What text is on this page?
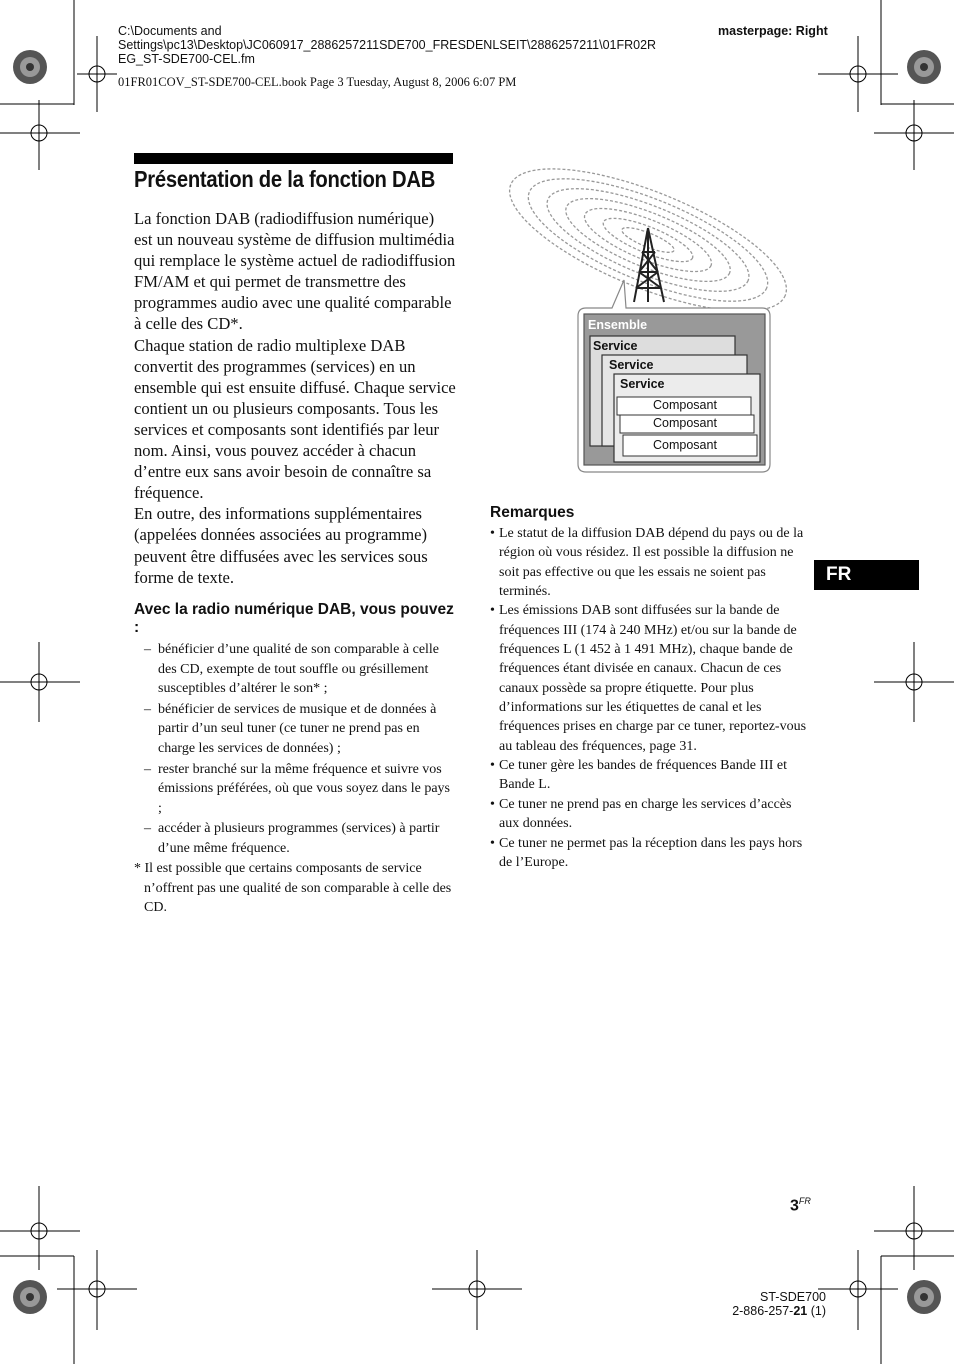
C:\Documents and
Settings\pc13\Desktop\JC060917_2886257211SDE700_FRESDENLSEIT\2886257211\01FR02R
EG_ST-SDE700-CEL.fm
masterpage: Right
01FR01COV_ST-SDE700-CEL.book Page 3 Tuesday, August 8, 2006 6:07 PM
Présentation de la fonction DAB

La fonction DAB (radiodiffusion numérique) est un nouveau système de diffusion multimédia qui remplace le système actuel de radiodiffusion FM/AM et qui permet de transmettre des programmes audio avec une qualité comparable à celle des CD*.

Chaque station de radio multiplexe DAB convertit des programmes (services) en un ensemble qui est ensuite diffusé. Chaque service contient un ou plusieurs composants. Tous les services et composants sont identifiés par leur nom. Ainsi, vous pouvez accéder à chacun d’entre eux sans avoir besoin de connaître sa fréquence.

En outre, des informations supplémentaires (appelées données associées au programme) peuvent être diffusées avec les services sous forme de texte.

Avec la radio numérique DAB, vous pouvez :
– bénéficier d’une qualité de son comparable à celle des CD, exempte de tout souffle ou grésillement susceptibles d’altérer le son* ;
– bénéficier de services de musique et de données à partir d’un seul tuner (ce tuner ne prend pas en charge les services de données) ;
– rester branché sur la même fréquence et suivre vos émissions préférées, où que vous soyez dans le pays ;
– accéder à plusieurs programmes (services) à partir d’une même fréquence.
* Il est possible que certains composants de service n’offrent pas une qualité de son comparable à celle des CD.
Ensemble
Service
Service
Service
Composant
Composant
Composant
Remarques
• Le statut de la diffusion DAB dépend du pays ou de la région où vous résidez. Il est possible la diffusion ne soit pas effective ou que les essais ne soient pas terminés.
• Les émissions DAB sont diffusées sur la bande de fréquences III (174 à 240 MHz) et/ou sur la bande de fréquences L (1 452 à 1 491 MHz), chaque bande de fréquences étant divisée en canaux. Chacun de ces canaux possède sa propre étiquette. Pour plus d’informations sur les étiquettes de canal et les fréquences prises en charge par ce tuner, reportez-vous au tableau des fréquences, page 31.
• Ce tuner gère les bandes de fréquences Bande III et Bande L.
• Ce tuner ne prend pas en charge les services d’accès aux données.
• Ce tuner ne permet pas la réception dans les pays hors de l’Europe.
FR
$3^{FR}$
ST-SDE700
2-886-257-21 (1)
